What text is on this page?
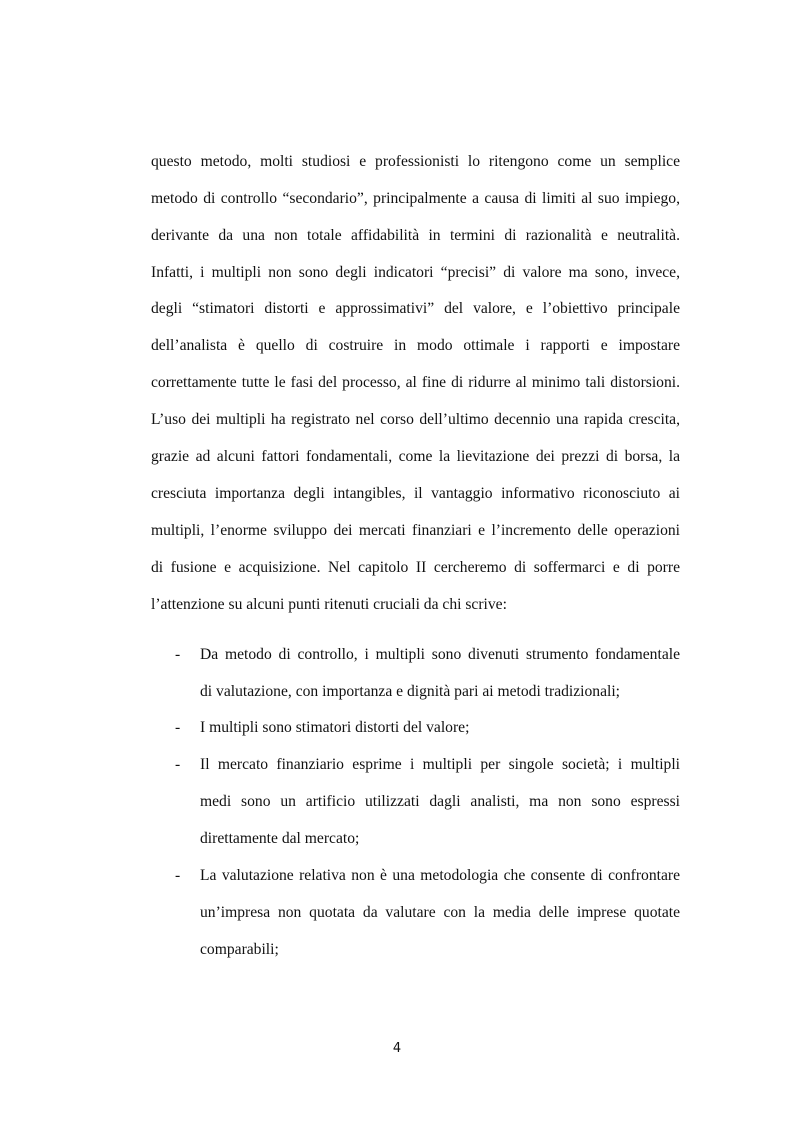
questo metodo, molti studiosi e professionisti lo ritengono come un semplice
metodo di controllo “secondario”, principalmente a causa di limiti al suo impiego,
derivante da una non totale affidabilità in termini di razionalità e neutralità.
Infatti, i multipli non sono degli indicatori “precisi” di valore ma sono, invece,
degli “stimatori distorti e approssimativi” del valore, e l’obiettivo principale
dell’analista è quello di costruire in modo ottimale i rapporti e impostare
correttamente tutte le fasi del processo, al fine di ridurre al minimo tali distorsioni.
L’uso dei multipli ha registrato nel corso dell’ultimo decennio una rapida crescita,
grazie ad alcuni fattori fondamentali, come la lievitazione dei prezzi di borsa, la
cresciuta importanza degli intangibles, il vantaggio informativo riconosciuto ai
multipli, l’enorme sviluppo dei mercati finanziari e l’incremento delle operazioni
di fusione e acquisizione. Nel capitolo II cercheremo di soffermarci e di porre
l’attenzione su alcuni punti ritenuti cruciali da chi scrive:
- Da metodo di controllo, i multipli sono divenuti strumento fondamentale
di valutazione, con importanza e dignità pari ai metodi tradizionali;
- I multipli sono stimatori distorti del valore;
- Il mercato finanziario esprime i multipli per singole società; i multipli
medi sono un artificio utilizzati dagli analisti, ma non sono espressi
direttamente dal mercato;
- La valutazione relativa non è una metodologia che consente di confrontare
un’impresa non quotata da valutare con la media delle imprese quotate
comparabili;
4
